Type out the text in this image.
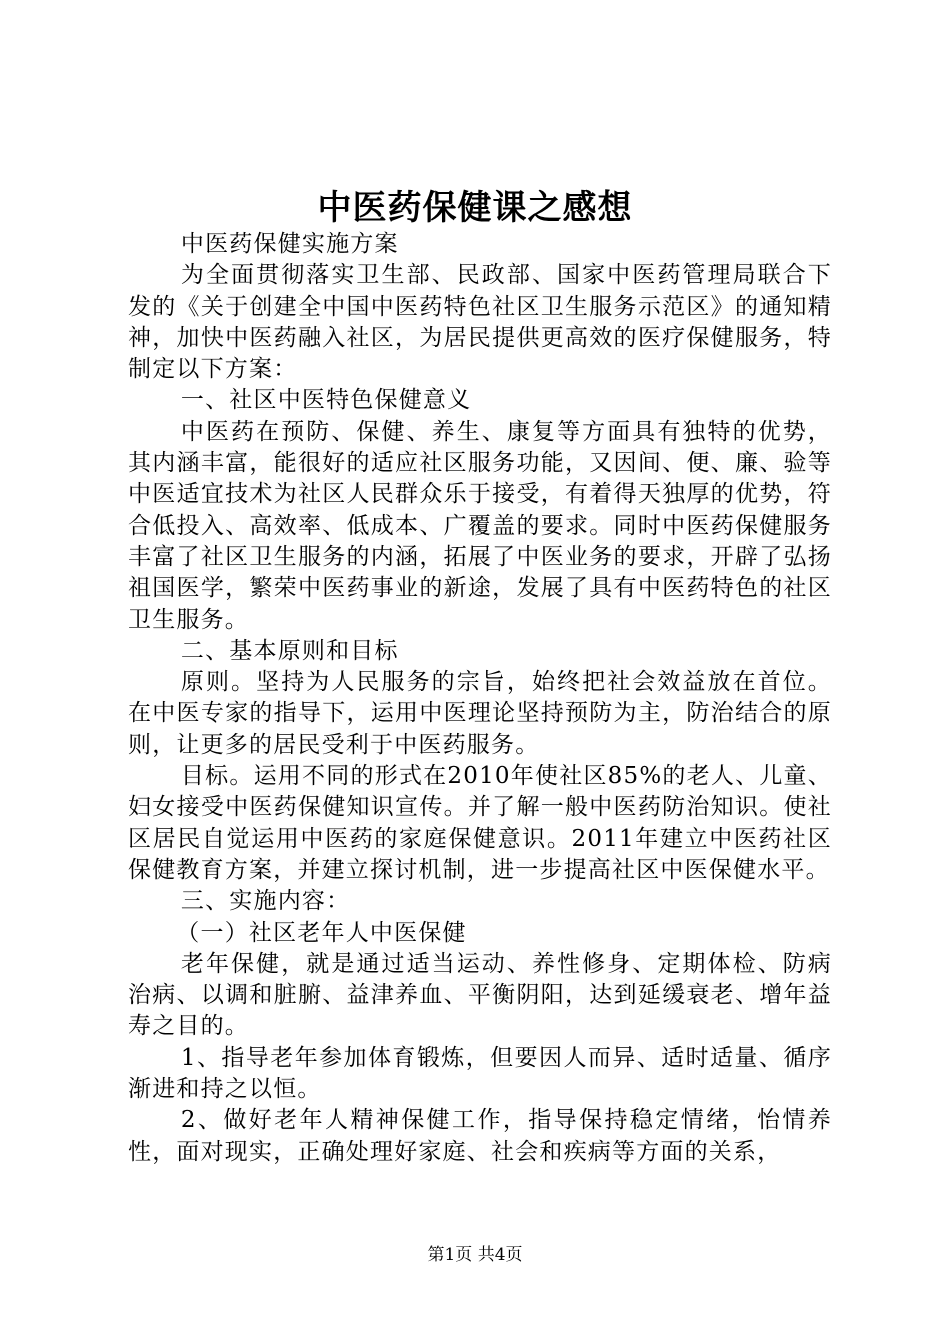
中医药保健课之感想

中医药保健实施方案

为全面贯彻落实卫生部、民政部、国家中医药管理局联合下发的《关于创建全中国中医药特色社区卫生服务示范区》的通知精神，加快中医药融入社区，为居民提供更高效的医疗保健服务，特制定以下方案：

一、社区中医特色保健意义

中医药在预防、保健、养生、康复等方面具有独特的优势，其内涵丰富，能很好的适应社区服务功能，又因间、便、廉、验等中医适宜技术为社区人民群众乐于接受，有着得天独厚的优势，符合低投入、高效率、低成本、广覆盖的要求。同时中医药保健服务丰富了社区卫生服务的内涵，拓展了中医业务的要求，开辟了弘扬祖国医学，繁荣中医药事业的新途，发展了具有中医药特色的社区卫生服务。

二、基本原则和目标

原则。坚持为人民服务的宗旨，始终把社会效益放在首位。在中医专家的指导下，运用中医理论坚持预防为主，防治结合的原则，让更多的居民受利于中医药服务。

目标。运用不同的形式在2010年使社区85%的老人、儿童、妇女接受中医药保健知识宣传。并了解一般中医药防治知识。使社区居民自觉运用中医药的家庭保健意识。2011年建立中医药社区保健教育方案，并建立探讨机制，进一步提高社区中医保健水平。

三、实施内容：

（一）社区老年人中医保健

老年保健，就是通过适当运动、养性修身、定期体检、防病治病、以调和脏腑、益津养血、平衡阴阳，达到延缓衰老、增年益寿之目的。

1、指导老年参加体育锻炼，但要因人而异、适时适量、循序渐进和持之以恒。

2、做好老年人精神保健工作，指导保持稳定情绪，怡情养性，面对现实，正确处理好家庭、社会和疾病等方面的关系，

第1页 共4页
